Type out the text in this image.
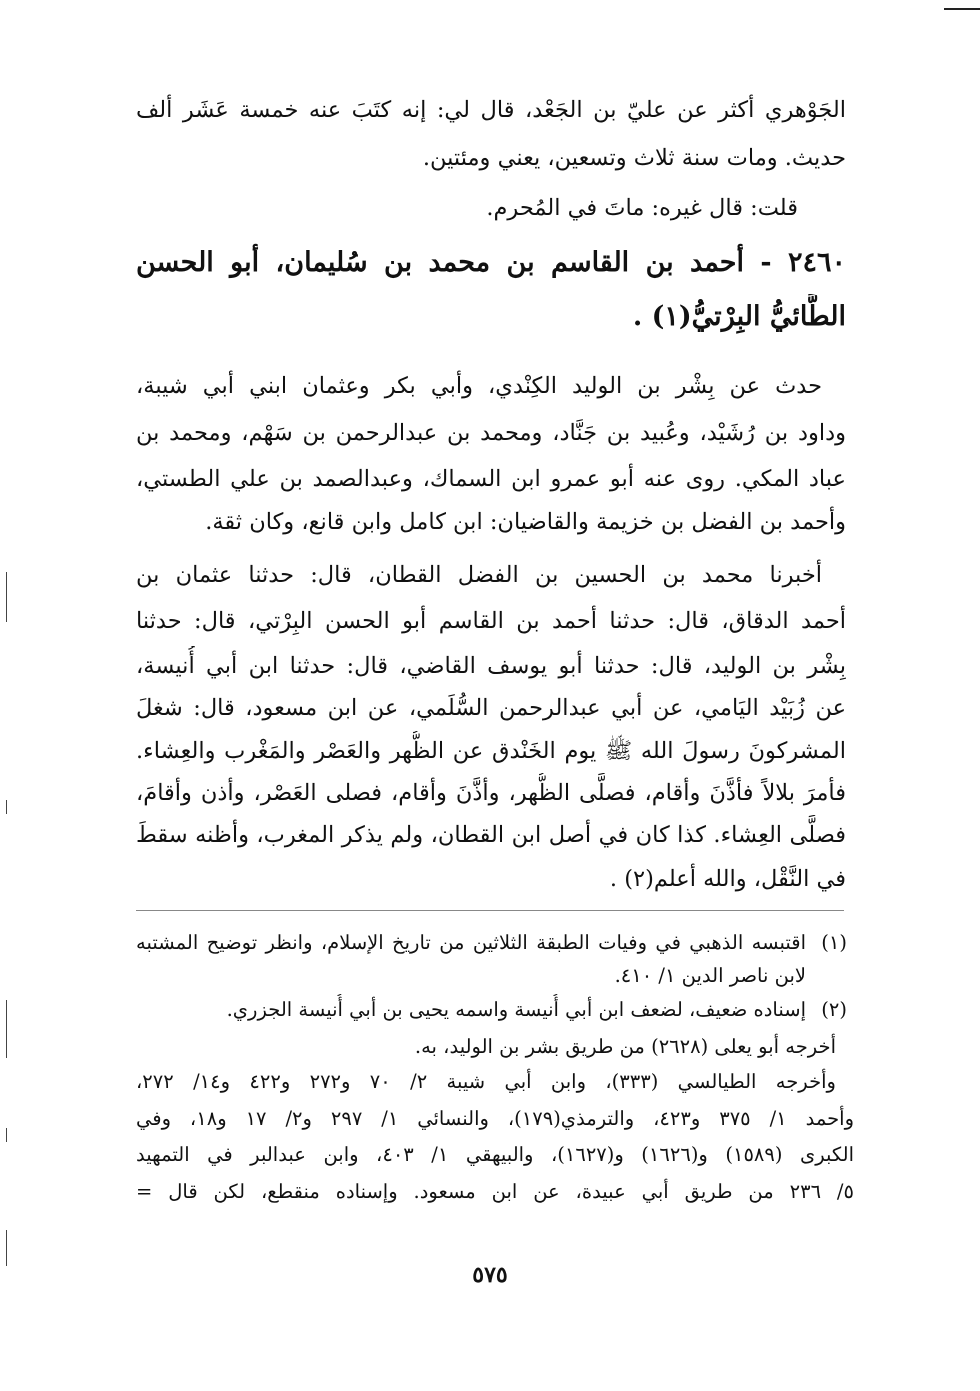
الجَوْهري أكثر عن عليّ بن الجَعْد، قال لي: إنه كتَبَ عنه خمسة عَشَر ألف
حديث. ومات سنة ثلاث وتسعين، يعني ومئتين.
قلت: قال غيره: ماتَ في المُحرم.
٢٤٦٠ - أحمد بن القاسم بن محمد بن سُليمان، أبو الحسن
الطَّائيُّ البِرْتيُّ(١) .
حدث عن بِشْر بن الوليد الكِنْدي، وأبي بكر وعثمان ابني أبي شيبة،
وداود بن رُشَيْد، وعُبيد بن جَنَّاد، ومحمد بن عبدالرحمن بن سَهْم، ومحمد بن
عباد المكي. روى عنه أبو عمرو ابن السماك، وعبدالصمد بن علي الطستي،
وأحمد بن الفضل بن خزيمة والقاضيان: ابن كامل وابن قانع، وكان ثقة.
أخبرنا محمد بن الحسين بن الفضل القطان، قال: حدثنا عثمان بن
أحمد الدقاق، قال: حدثنا أحمد بن القاسم أبو الحسن البِرْتي، قال: حدثنا
بِشْر بن الوليد، قال: حدثنا أبو يوسف القاضي، قال: حدثنا ابن أبي أُنيسة،
عن زُبَيْد اليَامي، عن أبي عبدالرحمن السُّلَمي، عن ابن مسعود، قال: شغلَ
المشركونَ رسولَ الله ﷺ يوم الخَنْدق عن الظُّهر والعَصْر والمَغْرب والعِشاء.
فأمرَ بلالاً فأذَّنَ وأقام، فصلَّى الظُّهر، وأذَّنَ وأقام، فصلى العَصْر، وأذن وأقامَ،
فصلَّى العِشاء. كذا كان في أصل ابن القطان، ولم يذكر المغرب، وأظنه سقطَ
في النَّقْل، والله أعلم(٢) .
(١)
اقتبسه الذهبي في وفيات الطبقة الثلاثين من تاريخ الإسلام، وانظر توضيح المشتبه
لابن ناصر الدين ١/ ٤١٠.
(٢)
إسناده ضعيف، لضعف ابن أبي أُنيسة واسمه يحيى بن أبي أُنيسة الجزري.
أخرجه أبو يعلى (٢٦٢٨) من طريق بشر بن الوليد، به.
وأخرجه الطيالسي (٣٣٣)، وابن أبي شيبة ٢/ ٧٠ و٢٧٢ و٤٢٢ و١٤/ ٢٧٢،
وأحمد ١/ ٣٧٥ و٤٢٣، والترمذي(١٧٩)، والنسائي ١/ ٢٩٧ و٢/ ١٧ و١٨، وفي
الكبرى (١٥٨٩) و(١٦٢٦) و(١٦٢٧)، والبيهقي ١/ ٤٠٣، وابن عبدالبر في التمهيد
٥/ ٢٣٦ من طريق أبي عبيدة، عن ابن مسعود. وإسناده منقطع، لكن قال =
٥٧٥
